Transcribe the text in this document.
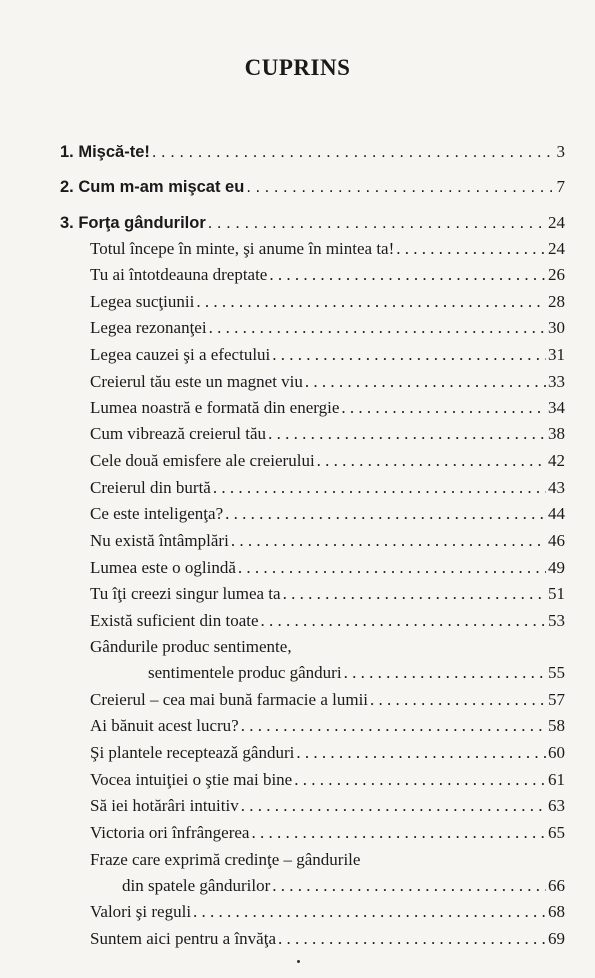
CUPRINS
1. Mişcă-te! . . .	3
2. Cum m-am mişcat eu . . .	7
3. Forţa gândurilor . . .	24
Totul începe în minte, şi anume în mintea ta! . . .	24
Tu ai întotdeauna dreptate . . .	26
Legea sucţiunii . . .	28
Legea rezonanţei . . .	30
Legea cauzei şi a efectului . . .	31
Creierul tău este un magnet viu . . .	33
Lumea noastră e formată din energie . . .	34
Cum vibrează creierul tău . . .	38
Cele două emisfere ale creierului . . .	42
Creierul din burtă . . .	43
Ce este inteligenţa? . . .	44
Nu există întâmplări . . .	46
Lumea este o oglindă . . .	49
Tu îţi creezi singur lumea ta . . .	51
Există suficient din toate . . .	53
Gândurile produc sentimente,
sentimentele produc gânduri . . .	55
Creierul – cea mai bună farmacie a lumii . . .	57
Ai bănuit acest lucru? . . .	58
Şi plantele recepteazǎ gânduri . . .	60
Vocea intuiţiei o ştie mai bine . . .	61
Să iei hotărâri intuitiv . . .	63
Victoria ori înfrângerea . . .	65
Fraze care exprimă credinţe – gândurile
din spatele gândurilor . . .	66
Valori şi reguli . . .	68
Suntem aici pentru a învăţa . . .	69
